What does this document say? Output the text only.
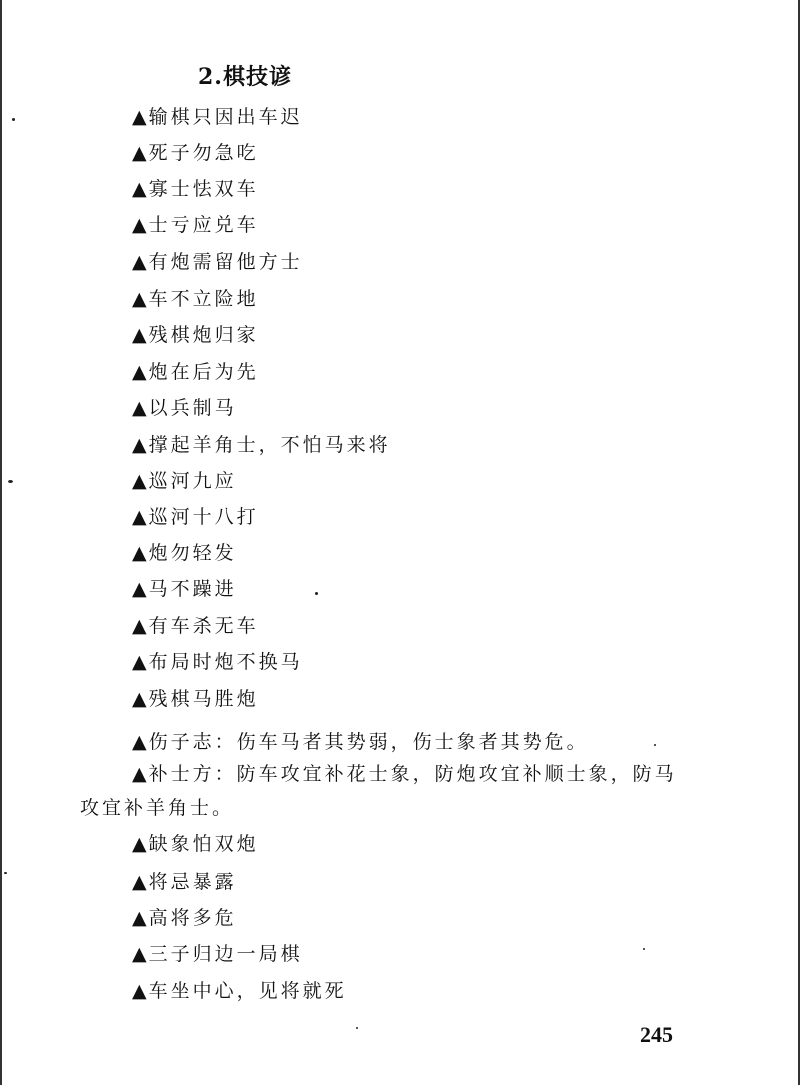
2.棋技谚
▲ 输棋只因出车迟
▲ 死子勿急吃
▲ 寡士怯双车
▲ 士亏应兑车
▲ 有炮需留他方士
▲ 车不立险地
▲ 残棋炮归家
▲ 炮在后为先
▲ 以兵制马
▲ 撑起羊角士，不怕马来将
▲ 巡河九应
▲ 巡河十八打
▲ 炮勿轻发
▲ 马不躁进
▲ 有车杀无车
▲ 布局时炮不换马
▲ 残棋马胜炮
▲ 伤子志：伤车马者其势弱，伤士象者其势危。
▲ 补士方：防车攻宜补花士象，防炮攻宜补顺士象，防马
▲ 缺象怕双炮
▲ 将忌暴露
▲ 高将多危
▲ 三子归边一局棋
▲ 车坐中心，见将就死
攻宜补羊角士。
245
